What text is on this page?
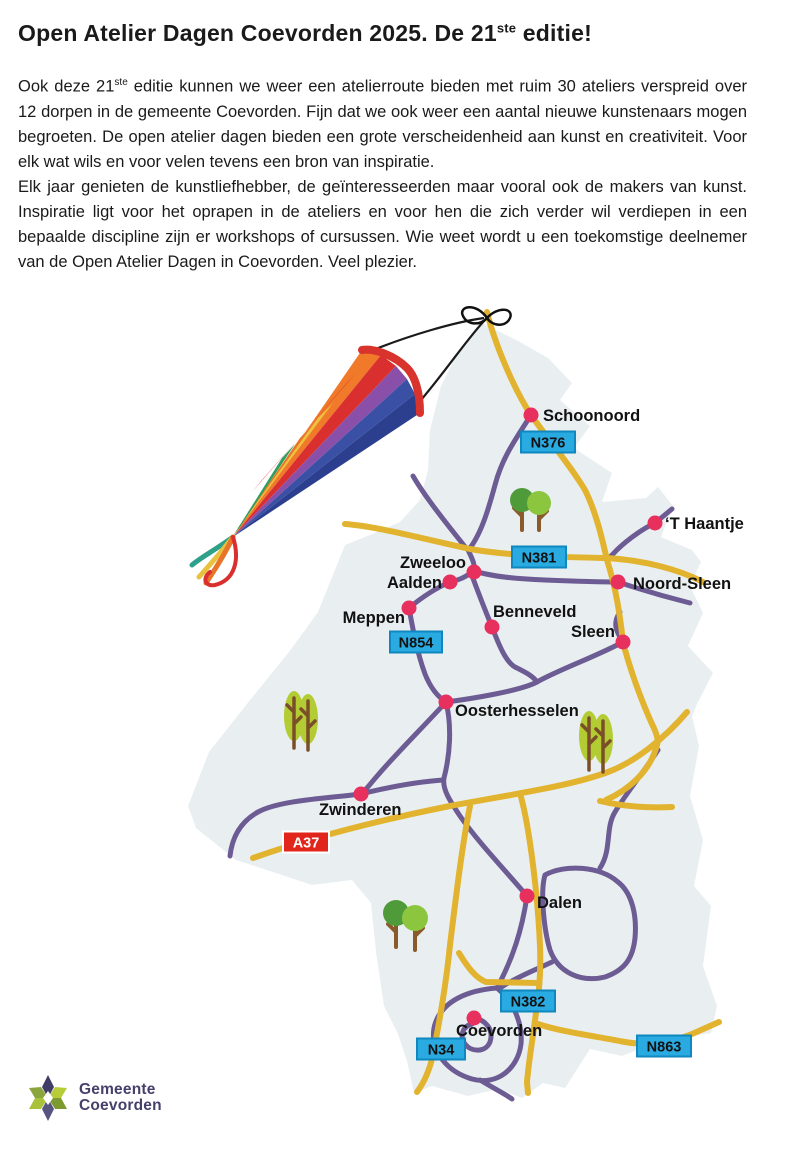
Open Atelier Dagen Coevorden 2025. De 21ste editie!

Ook deze 21ste editie kunnen we weer een atelierroute bieden met ruim 30 ateliers verspreid over 12 dorpen in de gemeente Coevorden. Fijn dat we ook weer een aantal nieuwe kunstenaars mogen begroeten. De open atelier dagen bieden een grote verscheidenheid aan kunst en creativiteit. Voor elk wat wils en voor velen tevens een bron van inspiratie.

Elk jaar genieten de kunstliefhebber, de geïnteresseerden maar vooral ook de makers van kunst. Inspiratie ligt voor het oprapen in de ateliers en voor hen die zich verder wil verdiepen in een bepaalde discipline zijn er workshops of cursussen. Wie weet wordt u een toekomstige deelnemer van de Open Atelier Dagen in Coevorden. Veel plezier.

N376
N381
N854
A37
N382
N34	N863
Schoonoord
‘T Haantje
Zweeloo
Aalden	Noord-Sleen
Meppen	Benneveld
Sleen
Oosterhesselen
Zwinderen
Dalen
Coevorden
Gemeente
Coevorden
